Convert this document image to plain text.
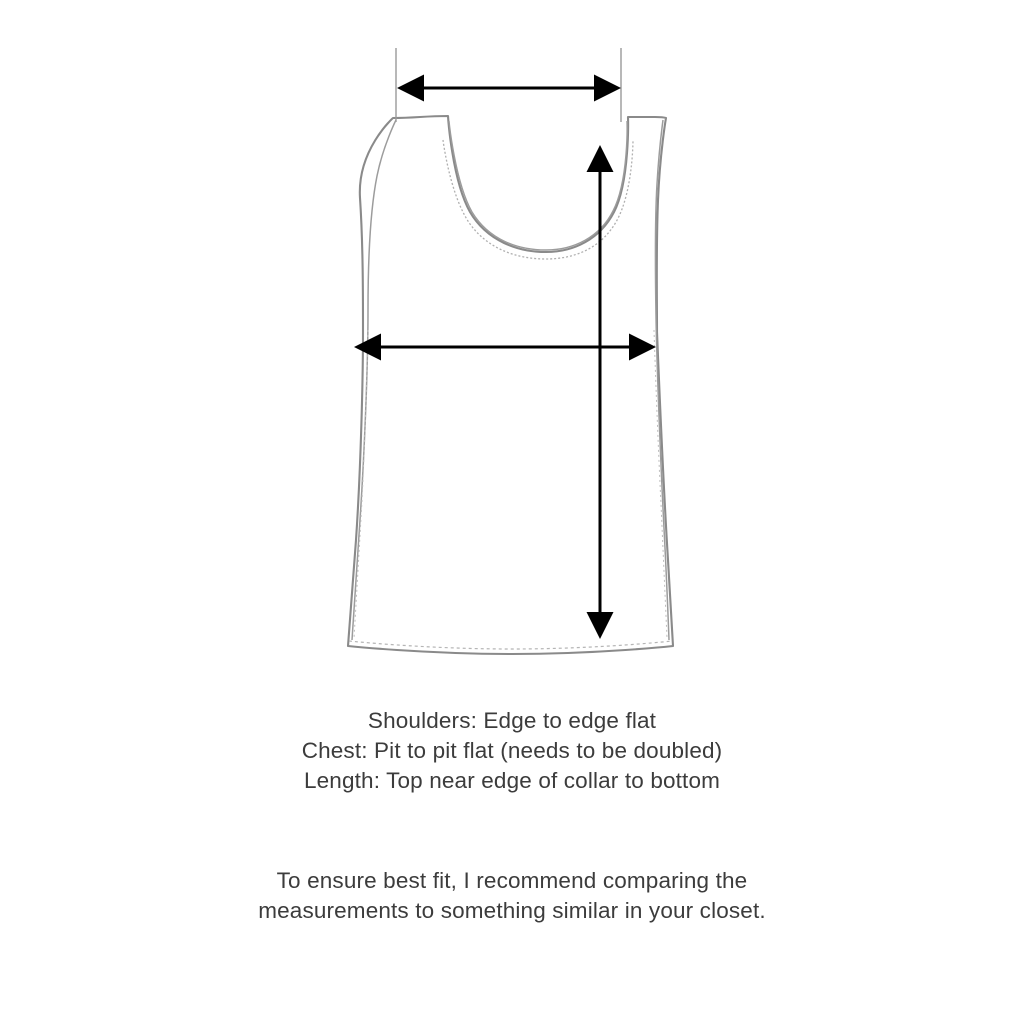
Shoulders: Edge to edge flat
Chest: Pit to pit flat (needs to be doubled)
Length: Top near edge of collar to bottom
To ensure best fit, I recommend comparing the
measurements to something similar in your closet.
